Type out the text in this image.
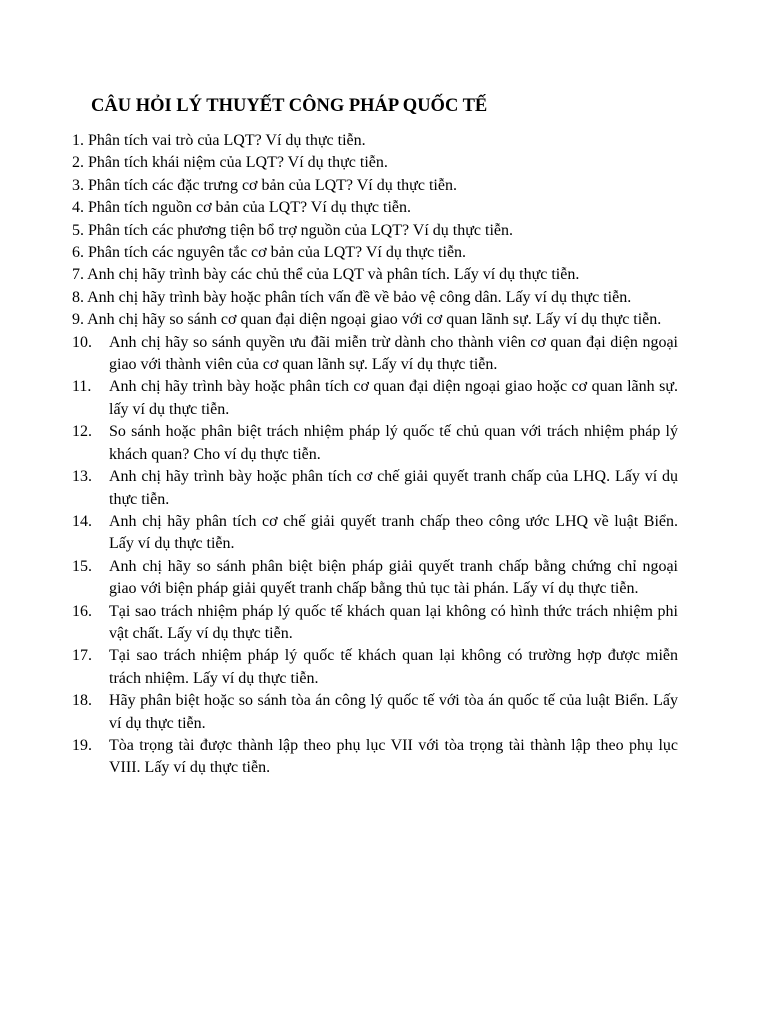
CÂU HỎI LÝ THUYẾT CÔNG PHÁP QUỐC TẾ
1. Phân tích vai trò của LQT? Ví dụ thực tiễn.
2. Phân tích khái niệm của LQT? Ví dụ thực tiễn.
3. Phân tích các đặc trưng cơ bản của LQT? Ví dụ thực tiễn.
4. Phân tích nguồn cơ bản của LQT? Ví dụ thực tiễn.
5. Phân tích các phương tiện bổ trợ nguồn của LQT? Ví dụ thực tiễn.
6. Phân tích các nguyên tắc cơ bản của LQT? Ví dụ thực tiễn.
7. Anh chị hãy trình bày các chủ thể của LQT và phân tích. Lấy ví dụ thực tiễn.
8. Anh chị hãy trình bày hoặc phân tích vấn đề về bảo vệ công dân. Lấy ví dụ thực tiễn.
9. Anh chị hãy so sánh cơ quan đại diện ngoại giao với cơ quan lãnh sự. Lấy ví dụ thực tiễn.
10.	Anh chị hãy so sánh quyền ưu đãi miễn trừ dành cho thành viên cơ quan đại diện ngoại giao với thành viên của cơ quan lãnh sự. Lấy ví dụ thực tiễn.
11.	Anh chị hãy trình bày hoặc phân tích cơ quan đại diện ngoại giao hoặc cơ quan lãnh sự. lấy ví dụ thực tiễn.
12.	So sánh hoặc phân biệt trách nhiệm pháp lý quốc tế chủ quan với trách nhiệm pháp lý khách quan? Cho ví dụ thực tiễn.
13.	Anh chị hãy trình bày hoặc phân tích cơ chế giải quyết tranh chấp của LHQ. Lấy ví dụ thực tiễn.
14.	Anh chị hãy phân tích cơ chế giải quyết tranh chấp theo công ước LHQ về luật Biển. Lấy ví dụ thực tiễn.
15.	Anh chị hãy so sánh phân biệt biện pháp giải quyết tranh chấp bằng chứng chỉ ngoại giao với biện pháp giải quyết tranh chấp bằng thủ tục tài phán. Lấy ví dụ thực tiễn.
16.	Tại sao trách nhiệm pháp lý quốc tế khách quan lại không có hình thức trách nhiệm phi vật chất. Lấy ví dụ thực tiễn.
17.	Tại sao trách nhiệm pháp lý quốc tế khách quan lại không có trường hợp được miễn trách nhiệm. Lấy ví dụ thực tiễn.
18.	Hãy phân biệt hoặc so sánh tòa án công lý quốc tế với tòa án quốc tế của luật Biển. Lấy ví dụ thực tiễn.
19.	Tòa trọng tài được thành lập theo phụ lục VII với tòa trọng tài thành lập theo phụ lục VIII. Lấy ví dụ thực tiễn.
